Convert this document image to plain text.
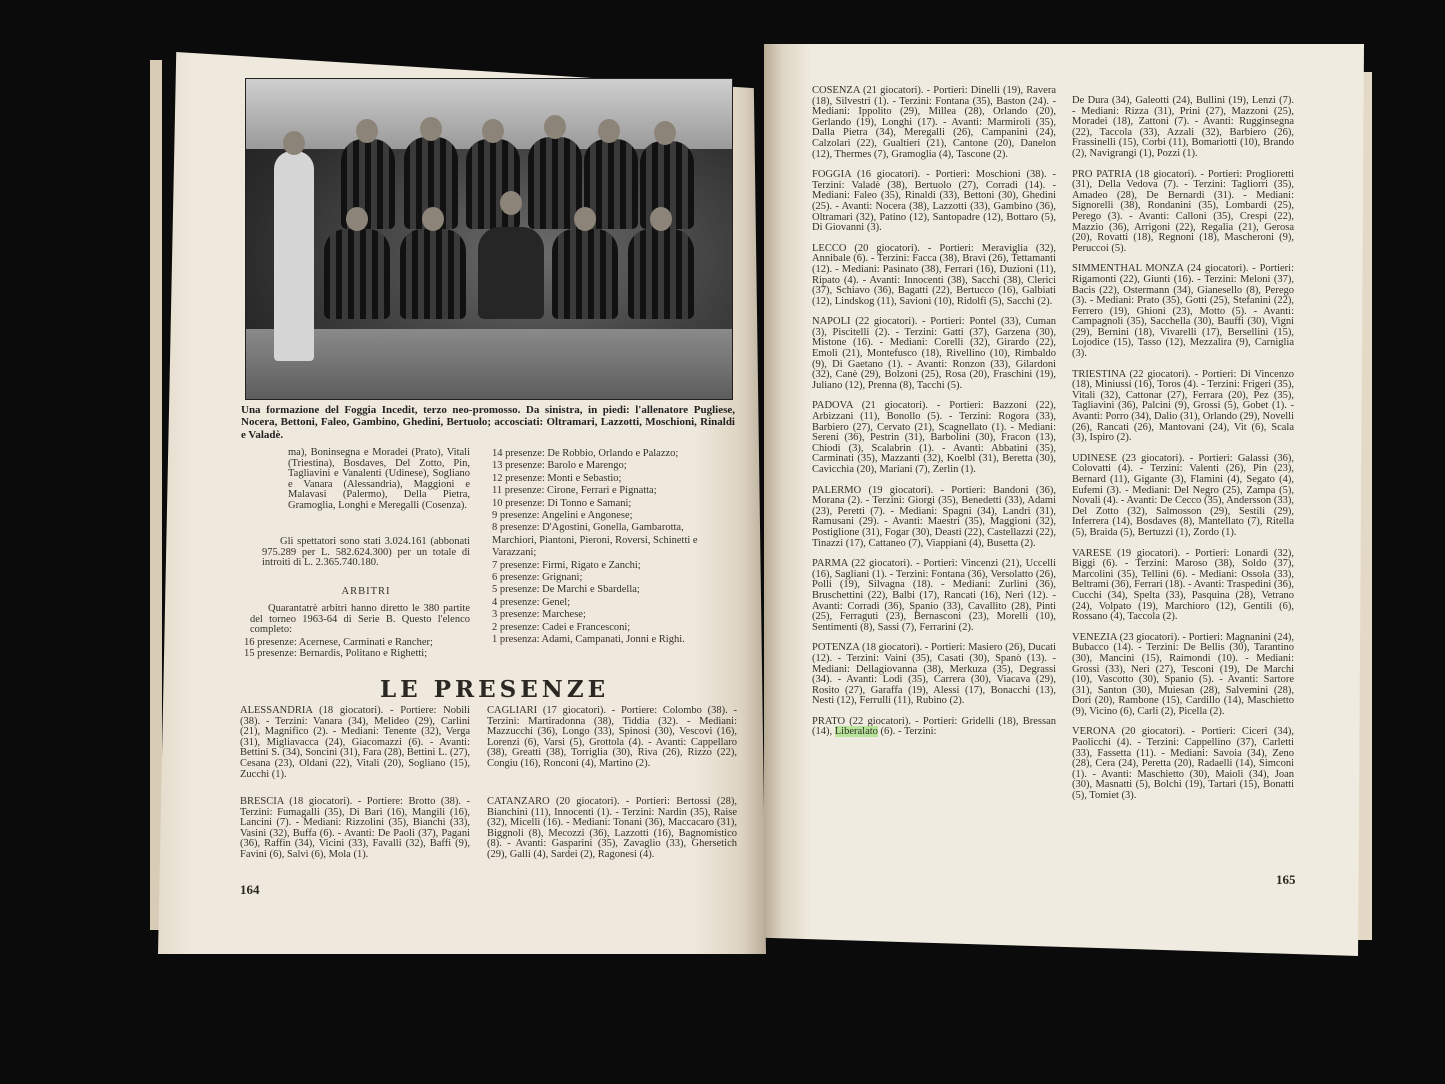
Una formazione del Foggia Incedit, terzo neo-promosso. Da sinistra, in piedi: l'allenatore Pugliese, Nocera, Bettoni, Faleo, Gambino, Ghedini, Bertuolo; accosciati: Oltramari, Lazzotti, Moschioni, Rinaldi e Valadè.
ma), Boninsegna e Moradei (Prato), Vitali (Triestina), Bosdaves, Del Zotto, Pin, Tagliavini e Vanalenti (Udinese), Sogliano e Vanara (Alessandria), Maggioni e Malavasi (Palermo), Della Pietra, Gramoglia, Longhi e Meregalli (Cosenza).
Gli spettatori sono stati 3.024.161 (abbonati 975.289 per L. 582.624.300) per un totale di introiti di L. 2.365.740.180.
ARBITRI
Quarantatrè arbitri hanno diretto le 380 partite del torneo 1963-64 di Serie B. Questo l'elenco completo:
16 presenze: Acernese, Carminati e Rancher;
15 presenze: Bernardis, Politano e Righetti;
14 presenze: De Robbio, Orlando e Palazzo;
13 presenze: Barolo e Marengo;
12 presenze: Monti e Sebastio;
11 presenze: Cirone, Ferrari e Pignatta;
10 presenze: Di Tonno e Samani;
9 presenze: Angelini e Angonese;
8 presenze: D'Agostini, Gonella, Gambarotta, Marchiori, Piantoni, Pieroni, Roversi, Schinetti e Varazzani;
7 presenze: Firmi, Rigato e Zanchi;
6 presenze: Grignani;
5 presenze: De Marchi e Sbardella;
4 presenze: Genel;
3 presenze: Marchese;
2 presenze: Cadei e Francesconi;
1 presenza: Adami, Campanati, Jonni e Righi.
LE PRESENZE
ALESSANDRIA (18 giocatori). - Portiere: Nobili (38). - Terzini: Vanara (34), Melideo (29), Carlini (21), Magnifico (2). - Mediani: Tenente (32), Verga (31), Migliavacca (24), Giacomazzi (6). - Avanti: Bettini S. (34), Soncini (31), Fara (28), Bettini L. (27), Cesana (23), Oldani (22), Vitali (20), Sogliano (15), Zucchi (1).
BRESCIA (18 giocatori). - Portiere: Brotto (38). - Terzini: Fumagalli (35), Di Bari (16), Mangili (16), Lancini (7). - Mediani: Rizzolini (35), Bianchi (33), Vasini (32), Buffa (6). - Avanti: De Paoli (37), Pagani (36), Raffin (34), Vicini (33), Favalli (32), Baffi (9), Favini (6), Salvi (6), Mola (1).
CAGLIARI (17 giocatori). - Portiere: Colombo (38). - Terzini: Martiradonna (38), Tiddia (32). - Mediani: Mazzucchi (36), Longo (33), Spinosi (30), Vescovi (16), Lorenzi (6), Varsi (5), Grottola (4). - Avanti: Cappellaro (38), Greatti (38), Torriglia (30), Riva (26), Rizzo (22), Congiu (16), Ronconi (4), Martino (2).
CATANZARO (20 giocatori). - Portieri: Bertossi (28), Bianchini (11), Innocenti (1). - Terzini: Nardin (35), Raise (32), Micelli (16). - Mediani: Tonani (36), Maccacaro (31), Biggnoli (8), Mecozzi (36), Lazzotti (16), Bagnomistico (8). - Avanti: Gasparini (35), Zavaglio (33), Ghersetich (29), Galli (4), Sardei (2), Ragonesi (4).
164
COSENZA (21 giocatori). - Portieri: Dinelli (19), Ravera (18), Silvestri (1). - Terzini: Fontana (35), Baston (24). - Mediani: Ippolito (29), Millea (28), Orlando (20), Gerlando (19), Longhi (17). - Avanti: Marmiroli (35), Dalla Pietra (34), Meregalli (26), Campanini (24), Calzolari (22), Gualtieri (21), Cantone (20), Danelon (12), Thermes (7), Gramoglia (4), Tascone (2).
FOGGIA (16 giocatori). - Portieri: Moschioni (38). - Terzini: Valadè (38), Bertuolo (27), Corradi (14). - Mediani: Faleo (35), Rinaldi (33), Bettoni (30), Ghedini (25). - Avanti: Nocera (38), Lazzotti (33), Gambino (36), Oltramari (32), Patino (12), Santopadre (12), Bottaro (5), Di Giovanni (3).
LECCO (20 giocatori). - Portieri: Meraviglia (32), Annibale (6). - Terzini: Facca (38), Bravi (26), Tettamanti (12). - Mediani: Pasinato (38), Ferrari (16), Duzioni (11), Ripato (4). - Avanti: Innocenti (38), Sacchi (38), Clerici (37), Schiavo (36), Bagatti (22), Bertucco (16), Galbiati (12), Lindskog (11), Savioni (10), Ridolfi (5), Sacchi (2).
NAPOLI (22 giocatori). - Portieri: Pontel (33), Cuman (3), Piscitelli (2). - Terzini: Gatti (37), Garzena (30), Mistone (16). - Mediani: Corelli (32), Girardo (22), Emoli (21), Montefusco (18), Rivellino (10), Rimbaldo (9), Di Gaetano (1). - Avanti: Ronzon (33), Gilardoni (32), Canè (29), Bolzoni (25), Rosa (20), Fraschini (19), Juliano (12), Prenna (8), Tacchi (5).
PADOVA (21 giocatori). - Portieri: Bazzoni (22), Arbizzani (11), Bonollo (5). - Terzini: Rogora (33), Barbiero (27), Cervato (21), Scagnellato (1). - Mediani: Sereni (36), Pestrin (31), Barbolini (30), Fracon (13), Chiodi (3), Scalabrin (1). - Avanti: Abbatini (35), Carminati (35), Mazzanti (32), Koelbl (31), Beretta (30), Cavicchia (20), Mariani (7), Zerlin (1).
PALERMO (19 giocatori). - Portieri: Bandoni (36), Morana (2). - Terzini: Giorgi (35), Benedetti (33), Adami (23), Peretti (7). - Mediani: Spagni (34), Landri (31), Ramusani (29). - Avanti: Maestri (35), Maggioni (32), Postiglione (31), Fogar (30), Deasti (22), Castellazzi (22), Tinazzi (17), Cattaneo (7), Viappiani (4), Busetta (2).
PARMA (22 giocatori). - Portieri: Vincenzi (21), Uccelli (16), Sagliani (1). - Terzini: Fontana (36), Versolatto (26), Polli (19), Silvagna (18). - Mediani: Zurlini (36), Bruschettini (22), Balbi (17), Rancati (16), Neri (12). - Avanti: Corradi (36), Spanio (33), Cavallito (28), Pinti (25), Ferraguti (23), Bernasconi (23), Morelli (10), Sentimenti (8), Sassi (7), Ferrarini (2).
POTENZA (18 giocatori). - Portieri: Masiero (26), Ducati (12). - Terzini: Vaini (35), Casati (30), Spanò (13). - Mediani: Dellagiovanna (38), Merkuza (35), Degrassi (34). - Avanti: Lodi (35), Carrera (30), Viacava (29), Rosito (27), Garaffa (19), Alessi (17), Bonacchi (13), Nesti (12), Ferrulli (11), Rubino (2).
PRATO (22 giocatori). - Portieri: Gridelli (18), Bressan (14), Liberalato (6). - Terzini:
De Dura (34), Galeotti (24), Bullini (19), Lenzi (7). - Mediani: Rizza (31), Prini (27), Mazzoni (25), Moradei (18), Zattoni (7). - Avanti: Rugginsegna (22), Taccola (33), Azzali (32), Barbiero (26), Frassinelli (15), Corbi (11), Bomariotti (10), Brando (2), Navigrangi (1), Pozzi (1).
PRO PATRIA (18 giocatori). - Portieri: Proglioretti (31), Della Vedova (7). - Terzini: Tagliorri (35), Amadeo (28), De Bernardi (31). - Mediani: Signorelli (38), Rondanini (35), Lombardi (25), Perego (3). - Avanti: Calloni (35), Crespi (22), Mazzio (36), Arrigoni (22), Regalia (21), Gerosa (20), Rovatti (18), Regnoni (18), Mascheroni (9), Peruccoi (5).
SIMMENTHAL MONZA (24 giocatori). - Portieri: Rigamonti (22), Giunti (16). - Terzini: Meloni (37), Bacis (22), Ostermann (34), Gianesello (8), Perego (3). - Mediani: Prato (35), Gotti (25), Stefanini (22), Ferrero (19), Ghioni (23), Motto (5). - Avanti: Campagnoli (35), Sacchella (30), Bauffi (30), Vigni (29), Bernini (18), Vivarelli (17), Bersellini (15), Lojodice (15), Tasso (12), Mezzalira (9), Carniglia (3).
TRIESTINA (22 giocatori). - Portieri: Di Vincenzo (18), Miniussi (16), Toros (4). - Terzini: Frigeri (35), Vitali (32), Cattonar (27), Ferrara (20), Pez (35), Tagliavini (36), Palcini (9), Grossi (5), Gobet (1). - Avanti: Porro (34), Dalio (31), Orlando (29), Novelli (26), Rancati (26), Mantovani (24), Vit (6), Scala (3), Ispiro (2).
UDINESE (23 giocatori). - Portieri: Galassi (36), Colovatti (4). - Terzini: Valenti (26), Pin (23), Bernard (11), Gigante (3), Flamini (4), Segato (4), Eufemi (3). - Mediani: Del Negro (25), Zampa (5), Novali (4). - Avanti: De Cecco (35), Andersson (33), Del Zotto (32), Salmosson (29), Sestili (29), Inferrera (14), Bosdaves (8), Mantellato (7), Ritella (5), Braida (5), Bertuzzi (1), Zordo (1).
VARESE (19 giocatori). - Portieri: Lonardi (32), Biggi (6). - Terzini: Maroso (38), Soldo (37), Marcolini (35), Tellini (6). - Mediani: Ossola (33), Beltrami (36), Ferrari (18). - Avanti: Traspedini (36), Cucchi (34), Spelta (33), Pasquina (28), Vetrano (24), Volpato (19), Marchioro (12), Gentili (6), Rossano (4), Taccola (2).
VENEZIA (23 giocatori). - Portieri: Magnanini (24), Bubacco (14). - Terzini: De Bellis (30), Tarantino (30), Mancini (15), Raimondi (10). - Mediani: Grossi (33), Neri (27), Tesconi (19), De Marchi (10), Vascotto (30), Spanio (5). - Avanti: Sartore (31), Santon (30), Muiesan (28), Salvemini (28), Dori (20), Rambone (15), Cardillo (14), Maschietto (9), Vicino (6), Carli (2), Picella (2).
VERONA (20 giocatori). - Portieri: Ciceri (34), Paolicchi (4). - Terzini: Cappellino (37), Carletti (33), Fassetta (11). - Mediani: Savoia (34), Zeno (28), Cera (24), Peretta (20), Radaelli (14), Simconi (1). - Avanti: Maschietto (30), Maioli (34), Joan (30), Masnatti (5), Bolchi (19), Tartari (15), Bonatti (5), Tomiet (3).
165
